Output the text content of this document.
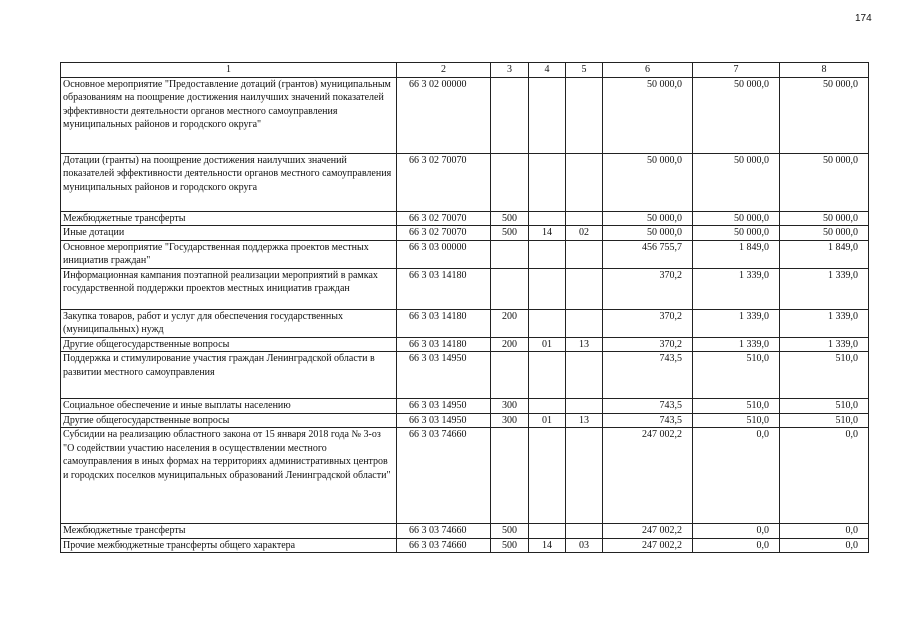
174
1	2	3	4	5	6	7	8
Основное мероприятие "Предоставление дотаций (грантов) муниципальным образованиям на поощрение достижения наилучших значений показателей эффективности деятельности органов местного самоуправления муниципальных районов и городского округа"	66 3 02 00000				50 000,0	50 000,0	50 000,0
Дотации (гранты) на поощрение достижения наилучших значений показателей эффективности деятельности органов местного самоуправления муниципальных районов и городского округа	66 3 02 70070				50 000,0	50 000,0	50 000,0
Межбюджетные трансферты	66 3 02 70070	500			50 000,0	50 000,0	50 000,0
Иные дотации	66 3 02 70070	500	14	02	50 000,0	50 000,0	50 000,0
Основное мероприятие "Государственная поддержка проектов местных инициатив граждан"	66 3 03 00000				456 755,7	1 849,0	1 849,0
Информационная кампания поэтапной реализации мероприятий в рамках государственной поддержки проектов местных инициатив граждан	66 3 03 14180				370,2	1 339,0	1 339,0
Закупка товаров, работ и услуг для обеспечения государственных (муниципальных) нужд	66 3 03 14180	200			370,2	1 339,0	1 339,0
Другие общегосударственные вопросы	66 3 03 14180	200	01	13	370,2	1 339,0	1 339,0
Поддержка и стимулирование участия граждан Ленинградской области в развитии местного самоуправления	66 3 03 14950				743,5	510,0	510,0
Социальное обеспечение и иные выплаты населению	66 3 03 14950	300			743,5	510,0	510,0
Другие общегосударственные вопросы	66 3 03 14950	300	01	13	743,5	510,0	510,0
Субсидии на реализацию областного закона от 15 января 2018 года № 3-оз "О содействии участию населения в осуществлении местного самоуправления в иных формах на территориях административных центров и городских поселков муниципальных образований Ленинградской области"	66 3 03 74660				247 002,2	0,0	0,0
Межбюджетные трансферты	66 3 03 74660	500			247 002,2	0,0	0,0
Прочие межбюджетные трансферты общего характера	66 3 03 74660	500	14	03	247 002,2	0,0	0,0
